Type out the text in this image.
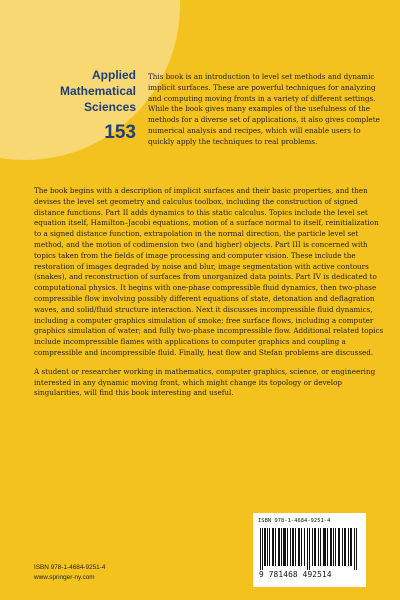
Applied
Mathematical
Sciences
153
This book is an introduction to level set methods and dynamic implicit surfaces. These are powerful techniques for analyzing and computing moving fronts in a variety of different settings. While the book gives many examples of the usefulness of the methods for a diverse set of applications, it also gives complete numerical analysis and recipes, which will enable users to quickly apply the techniques to real problems.

The book begins with a description of implicit surfaces and their basic properties, and then devises the level set geometry and calculus toolbox, including the construction of signed distance functions. Part II adds dynamics to this static calculus. Topics include the level set equation itself, Hamilton–Jacobi equations, motion of a surface normal to itself, reinitialization to a signed distance function, extrapolation in the normal direction, the particle level set method, and the motion of codimension two (and higher) objects. Part III is concerned with topics taken from the fields of image processing and computer vision. These include the restoration of images degraded by noise and blur, image segmentation with active contours (snakes), and reconstruction of surfaces from unorganized data points. Part IV is dedicated to computational physics. It begins with one-phase compressible fluid dynamics, then two-phase compressible flow involving possibly different equations of state, detonation and deflagration waves, and solid/fluid structure interaction. Next it discusses incompressible fluid dynamics, including a computer graphics simulation of smoke; free surface flows, including a computer graphics simulation of water; and fully two-phase incompressible flow. Additional related topics include incompressible flames with applications to computer graphics and coupling a compressible and incompressible fluid. Finally, heat flow and Stefan problems are discussed.

A student or researcher working in mathematics, computer graphics, science, or engineering interested in any dynamic moving front, which might change its topology or develop singularities, will find this book interesting and useful.

ISBN 978-1-4684-9251-4
9 781468 492514
ISBN 978-1-4684-9251-4
www.springer-ny.com
